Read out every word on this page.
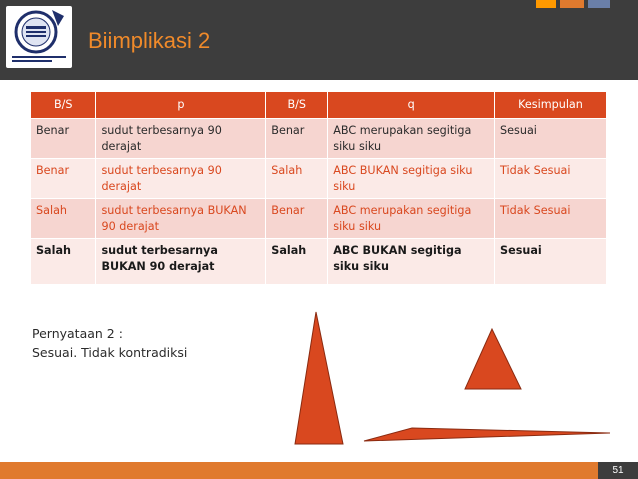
Biimplikasi 2
B/S	p	B/S	q	Kesimpulan
Benar	sudut terbesarnya 90 derajat	Benar	ABC merupakan segitiga siku siku	Sesuai
Benar	sudut terbesarnya 90 derajat	Salah	ABC BUKAN segitiga siku siku	Tidak Sesuai
Salah	sudut terbesarnya BUKAN 90 derajat	Benar	ABC merupakan segitiga siku siku	Tidak Sesuai
Salah	sudut terbesarnya BUKAN 90 derajat	Salah	ABC BUKAN segitiga siku siku	Sesuai
Pernyataan 2 :
Sesuai. Tidak kontradiksi
51
